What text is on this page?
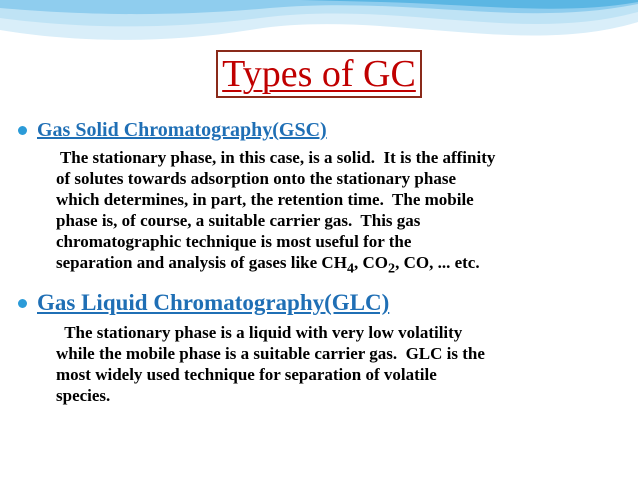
Types of GC
Gas Solid Chromatography(GSC)
The stationary phase, in this case, is a solid.  It is the affinity
of solutes towards adsorption onto the stationary phase
which determines, in part, the retention time.  The mobile
phase is, of course, a suitable carrier gas.  This gas
chromatographic technique is most useful for the
separation and analysis of gases like $CH_4$, $CO_2$, CO, ... etc.
Gas Liquid Chromatography(GLC)
The stationary phase is a liquid with very low volatility
while the mobile phase is a suitable carrier gas.  GLC is the
most widely used technique for separation of volatile
species.
